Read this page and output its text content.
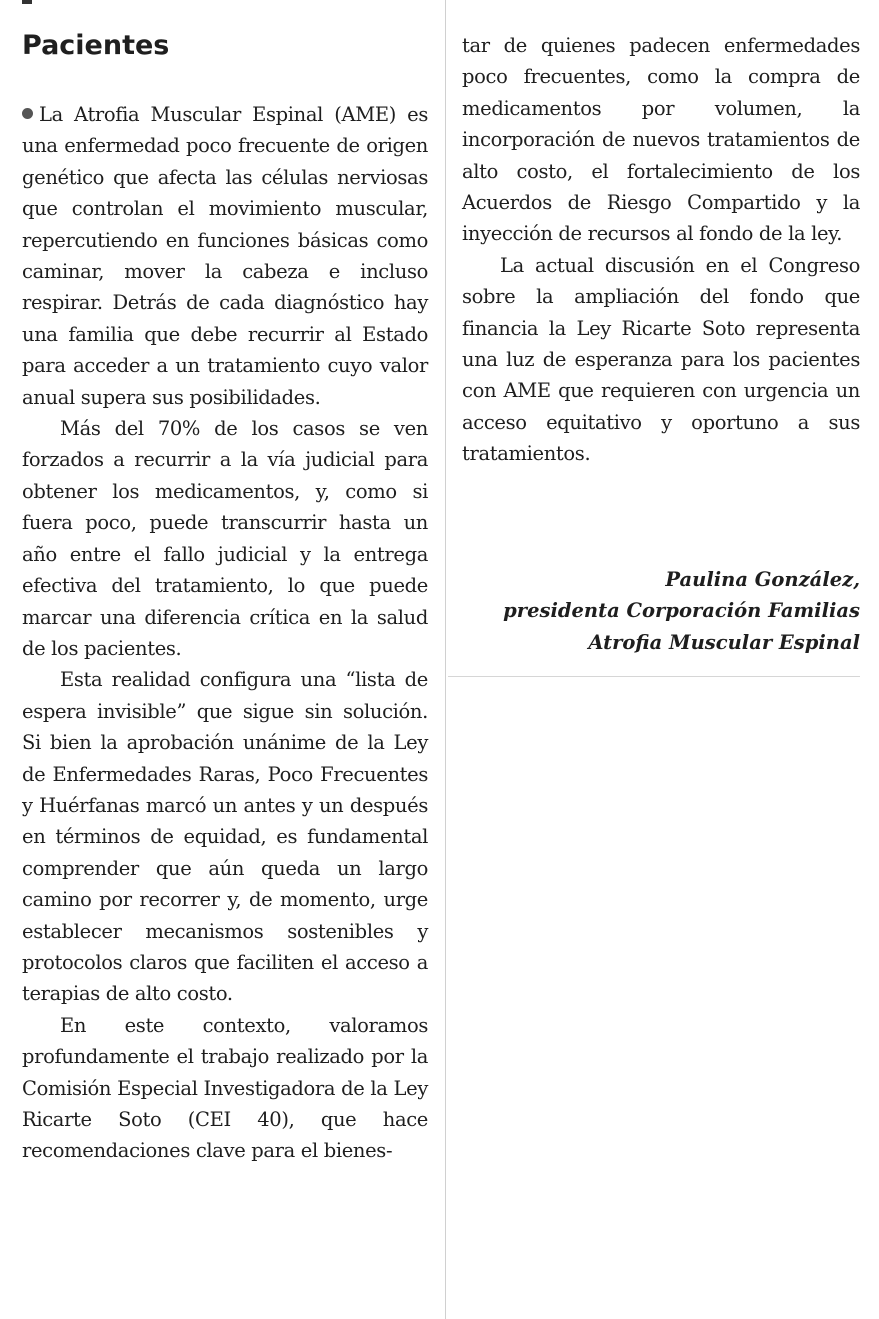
Pacientes

La Atrofia Muscular Espinal (AME) es una enfermedad poco frecuente de origen genético que afecta las células nerviosas que controlan el movimiento muscular, repercutiendo en funciones básicas como caminar, mover la cabeza e incluso respirar. Detrás de cada diagnóstico hay una familia que debe recurrir al Estado para acceder a un tratamiento cuyo valor anual supera sus posibilidades.

Más del 70% de los casos se ven forzados a recurrir a la vía judicial para obtener los medicamentos, y, como si fuera poco, puede transcurrir hasta un año entre el fallo judicial y la entrega efectiva del tratamiento, lo que puede marcar una diferencia crítica en la salud de los pacientes.

Esta realidad configura una “lista de espera invisible” que sigue sin solución. Si bien la aprobación unánime de la Ley de Enfermedades Raras, Poco Frecuentes y Huérfanas marcó un antes y un después en términos de equidad, es fundamental comprender que aún queda un largo camino por recorrer y, de momento, urge establecer mecanismos sostenibles y protocolos claros que faciliten el acceso a terapias de alto costo.

En este contexto, valoramos profundamente el trabajo realizado por la Comisión Especial Investigadora de la Ley Ricarte Soto (CEI 40), que hace recomendaciones clave para el bienes-

tar de quienes padecen enfermedades poco frecuentes, como la compra de medicamentos por volumen, la incorporación de nuevos tratamientos de alto costo, el fortalecimiento de los Acuerdos de Riesgo Compartido y la inyección de recursos al fondo de la ley.

La actual discusión en el Congreso sobre la ampliación del fondo que financia la Ley Ricarte Soto representa una luz de esperanza para los pacientes con AME que requieren con urgencia un acceso equitativo y oportuno a sus tratamientos.

Paulina González,
presidenta Corporación Familias
Atrofia Muscular Espinal
